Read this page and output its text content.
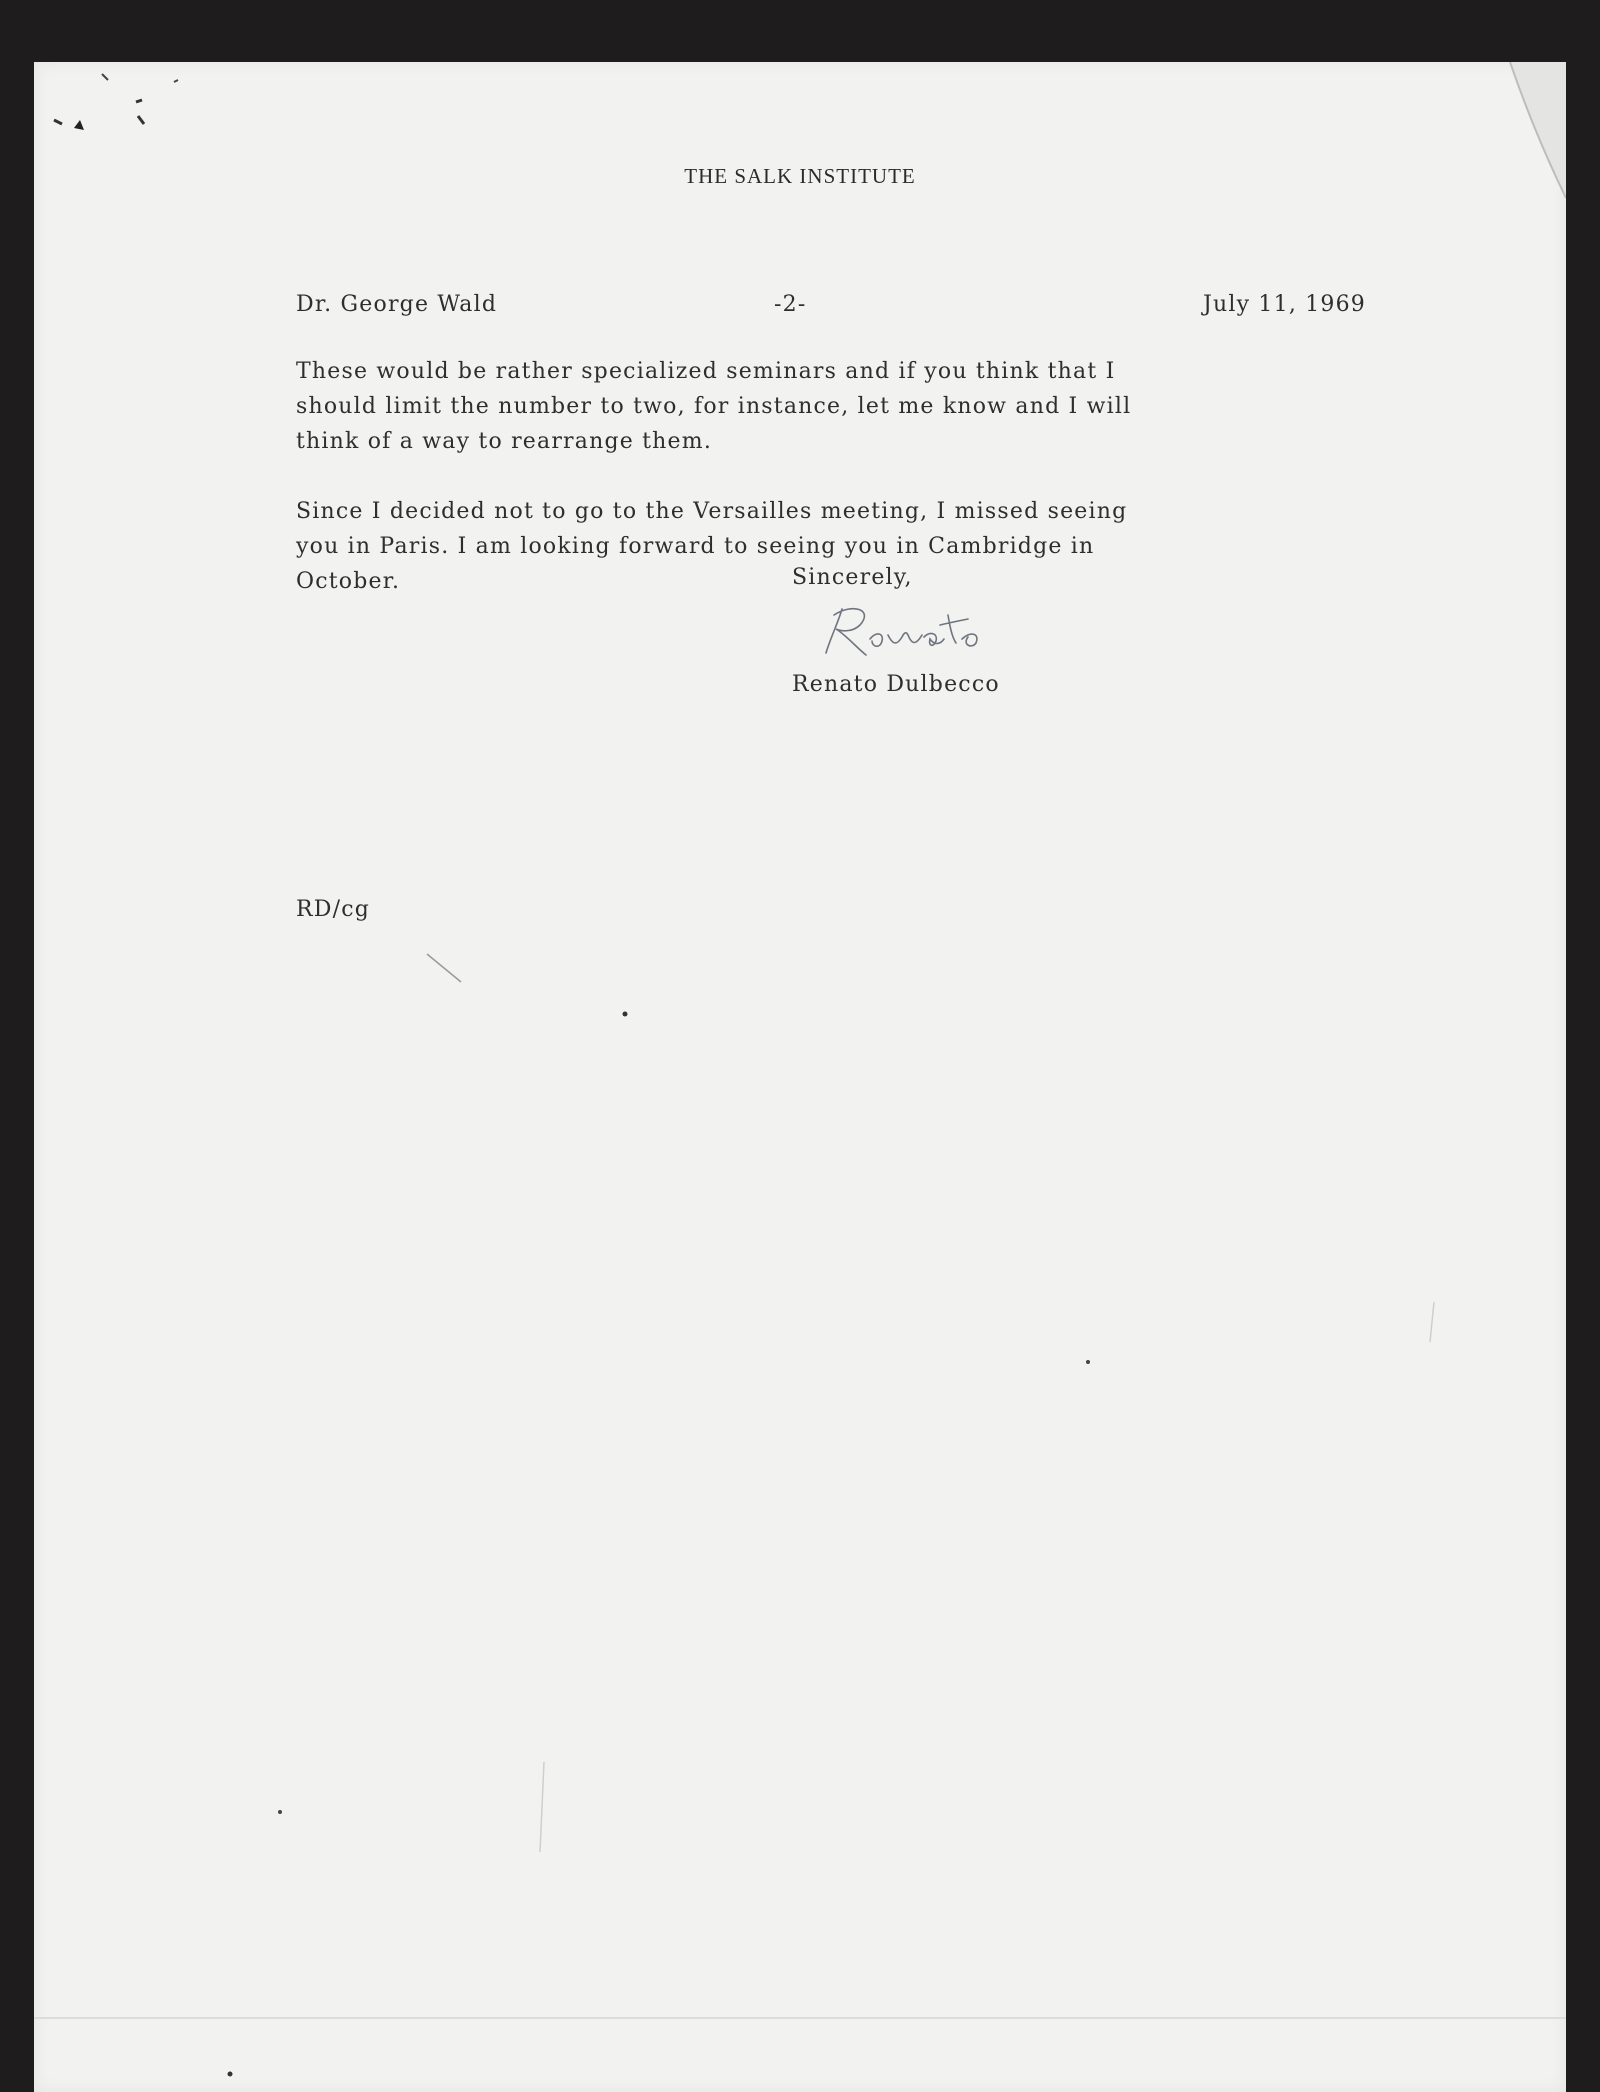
THE SALK INSTITUTE
Dr. George Wald	-2-	July 11, 1969

These would be rather specialized seminars and if you think that I
should limit the number to two, for instance, let me know and I will
think of a way to rearrange them.

Since I decided not to go to the Versailles meeting, I missed seeing
you in Paris. I am looking forward to seeing you in Cambridge in
October.	Sincerely,
Renato Dulbecco
RD/cg
